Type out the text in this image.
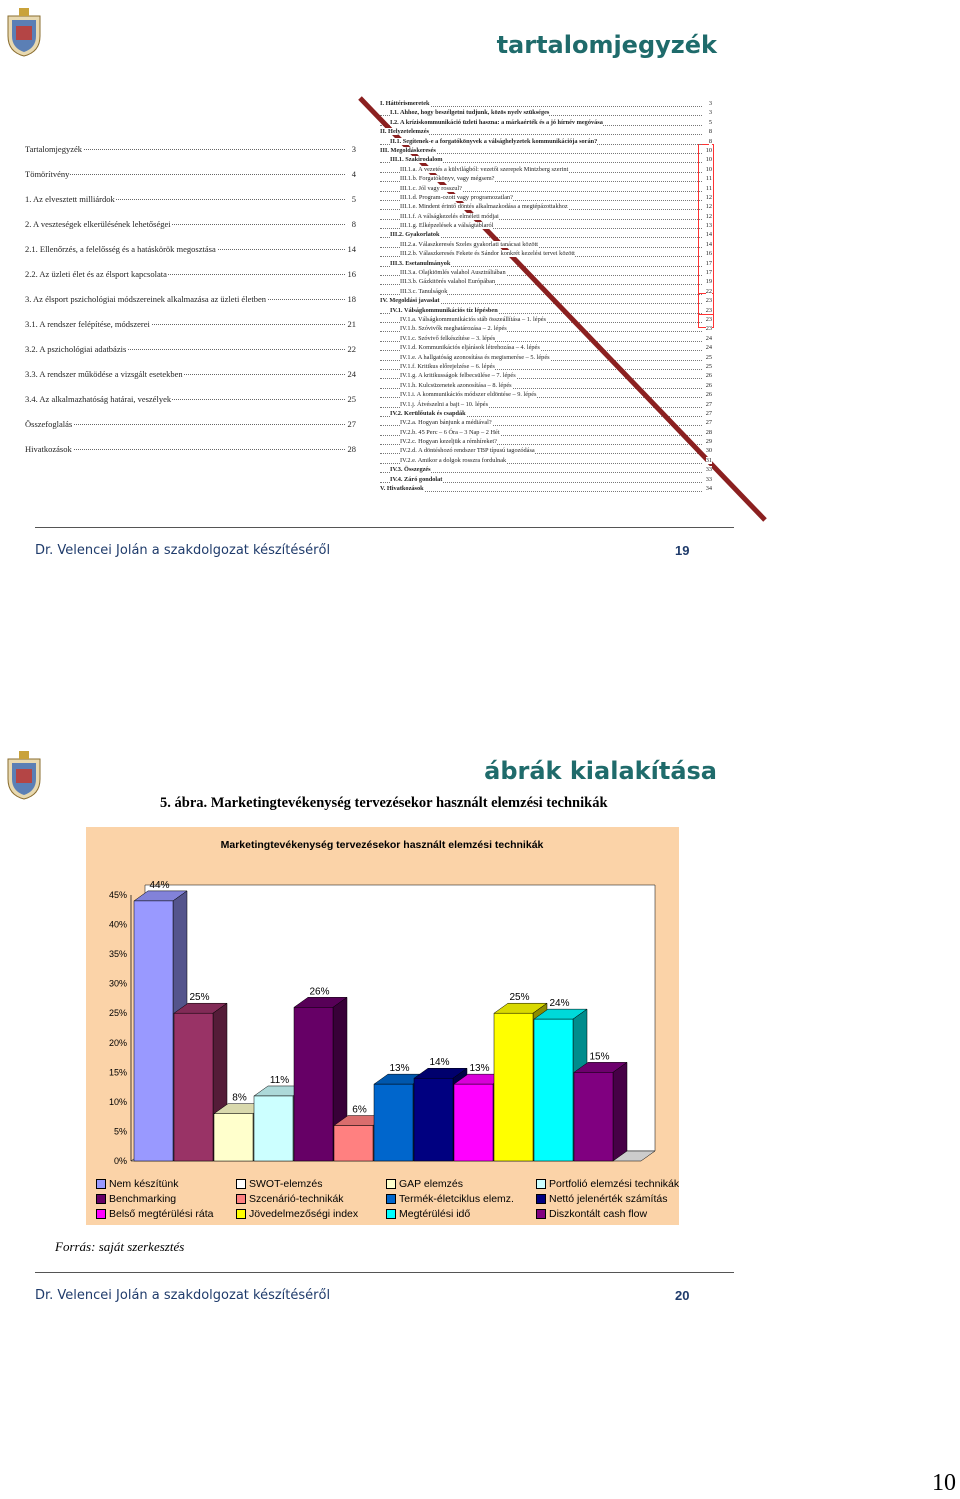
tartalomjegyzék
Tartalomjegyzék	3
Tömörítvény	4
1. Az elvesztett milliárdok	5
2. A veszteségek elkerülésének lehetőségei	8
2.1. Ellenőrzés, a felelősség és a hatáskörök megosztása	14
2.2. Az üzleti élet és az élsport kapcsolata	16
3. Az élsport pszichológiai módszereinek alkalmazása az üzleti életben	18
3.1. A rendszer felépítése, módszerei	21
3.2. A pszichológiai adatbázis	22
3.3. A rendszer működése a vizsgált esetekben	24
3.4. Az alkalmazhatóság határai, veszélyek	25
Összefoglalás	27
Hivatkozások	28
I. Háttérismeretek	3
I.1. Ahhoz, hogy beszélgetni tudjunk, közös nyelv szükséges	3
I.2. A kríziskommunikáció üzleti haszna: a márkaérték és a jó hírnév megóvása	5
II. Helyzetelemzés	8
II.1. Segítenek-e a forgatókönyvek a válsághelyzetek kommunikációja során?	8
III. Megoldáskeresés	10
III.1. Szakirodalom	10
III.1.a. A vezetés a külvilágból: vezetői szerepek Mintzberg szerint	10
III.1.b. Forgatókönyv, vagy mégsem?	11
III.1.c. Jól vagy rosszul?	11
III.1.d. Program-ozott vagy programozatlan?	12
III.1.e. Mindent érintő döntés alkalmazkodása a megtépázottakhoz	12
III.1.f. A válságkezelés elméleti módjai	12
III.1.g. Elképzelések a válságtáblaról	13
III.2. Gyakorlatok	14
III.2.a. Válaszkeresés Szeles gyakorlati tanácsai között	14
III.2.b. Válaszkeresés Fekete és Sándor konkrét kezelési tervei között	16
III.3. Esetanulmányok	17
III.3.a. Olajkiömlés valahol Ausztráliában	17
III.3.b. Gázkitörés valahol Európában	19
III.3.c. Tanulságok	22
IV. Megoldási javaslat	23
IV.1. Válságkommunikációs tíz lépésben	23
IV.1.a. Válságkommunikációs stáb összeállítása – 1. lépés	23
IV.1.b. Szóvivők meghatározása – 2. lépés	23
IV.1.c. Szóvivő felkészítése – 3. lépés	24
IV.1.d. Kommunikációs eljárások létrehozása – 4. lépés	24
IV.1.e. A hallgatóság azonosítása és megismerése – 5. lépés	25
IV.1.f. Kritikus előrejelzése – 6. lépés	25
IV.1.g. A kritikusságok felbecsülése – 7. lépés	26
IV.1.h. Kulcsüzenetek azonosítása – 8. lépés	26
IV.1.i. A kommunikációs módszer eldöntése – 9. lépés	26
IV.1.j. Átvészelni a bajt – 10. lépés	27
IV.2. Kerülőutak és csapdák	27
IV.2.a. Hogyan bánjunk a médiával?	27
IV.2.b. 45 Perc – 6 Óra – 3 Nap – 2 Hét	28
IV.2.c. Hogyan kezeljük a rémhíreket?	29
IV.2.d. A döntéshozó rendszer TBP típusú tagozódása	30
IV.2.e. Amikor a dolgok rosszra fordulnak	31
IV.3. Összegzés	33
IV.4. Záró gondolat	33
V. Hivatkozások	34
Dr. Velencei Jolán a szakdolgozat készítéséről	19
ábrák kialakítása
5. ábra. Marketingtevékenység tervezésekor használt elemzési technikák
Marketingtevékenység tervezésekor használt elemzési technikák
0%
5%
10%
15%
20%
25%
30%
35%
40%
45%
44%
25%
8%
11%
26%
6%
13%
14%
13%
25%
24%
15%
Nem készítünk	SWOT-elemzés	GAP elemzés	Portfolió elemzési technikák
Benchmarking	Szcenárió-technikák	Termék-életciklus elemz.	Nettó jelenérték számítás
Belső megtérülési ráta	Jövedelmezőségi index	Megtérülési idő	Diszkontált cash flow
Forrás: saját szerkesztés
Dr. Velencei Jolán a szakdolgozat készítéséről	20
10
